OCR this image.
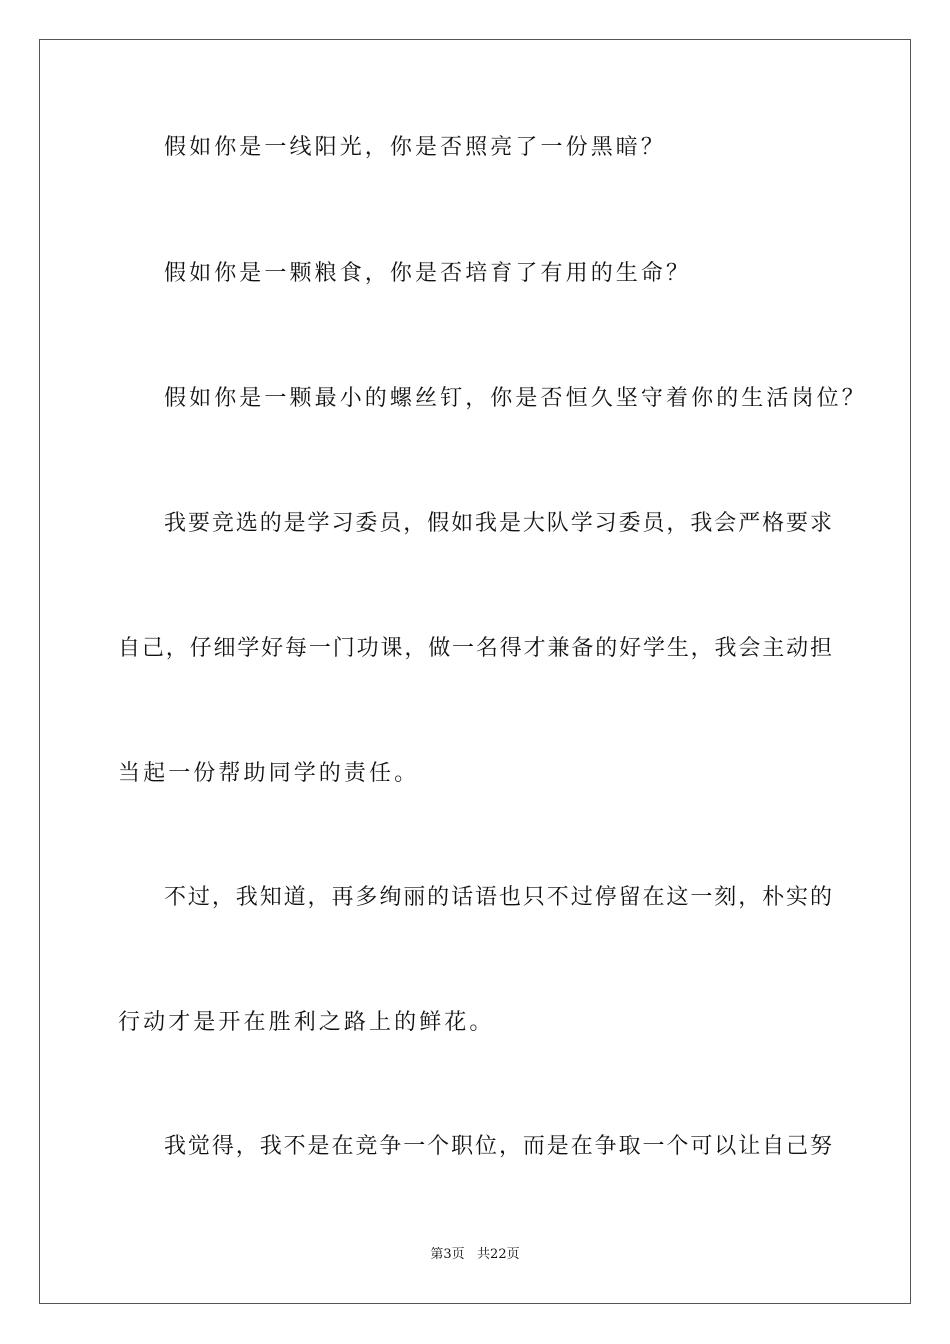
假如你是一线阳光，你是否照亮了一份黑暗？
假如你是一颗粮食，你是否培育了有用的生命？
假如你是一颗最小的螺丝钉，你是否恒久坚守着你的生活岗位？
我要竞选的是学习委员，假如我是大队学习委员，我会严格要求
自己，仔细学好每一门功课，做一名得才兼备的好学生，我会主动担
当起一份帮助同学的责任。
不过，我知道，再多绚丽的话语也只不过停留在这一刻，朴实的
行动才是开在胜利之路上的鲜花。
我觉得，我不是在竞争一个职位，而是在争取一个可以让自己努
第3页   共22页
